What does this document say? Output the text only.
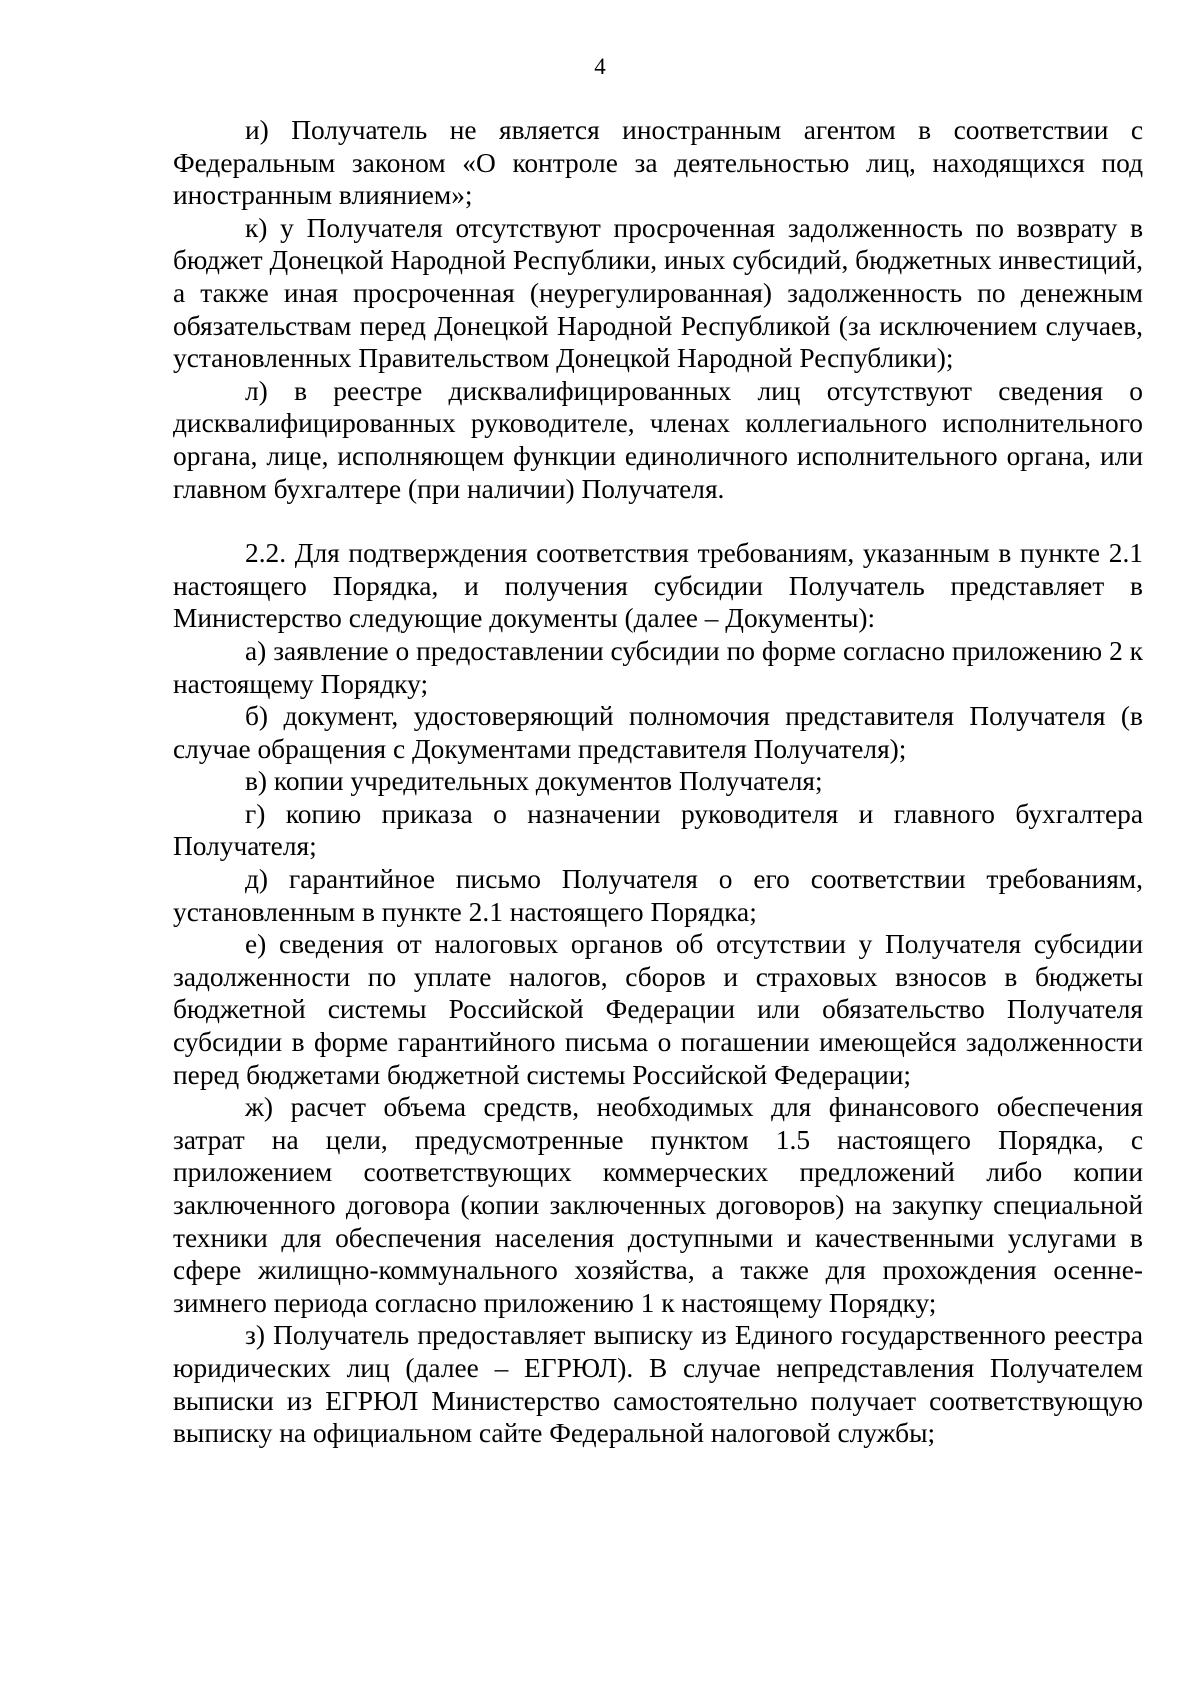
4

и) Получатель не является иностранным агентом в соответствии с Федеральным законом «О контроле за деятельностью лиц, находящихся под иностранным влиянием»;

к) у Получателя отсутствуют просроченная задолженность по возврату в бюджет Донецкой Народной Республики, иных субсидий, бюджетных инвестиций, а также иная просроченная (неурегулированная) задолженность по денежным обязательствам перед Донецкой Народной Республикой (за исключением случаев, установленных Правительством Донецкой Народной Республики);

л) в реестре дисквалифицированных лиц отсутствуют сведения о дисквалифицированных руководителе, членах коллегиального исполнительного органа, лице, исполняющем функции единоличного исполнительного органа, или главном бухгалтере (при наличии) Получателя.

2.2. Для подтверждения соответствия требованиям, указанным в пункте 2.1 настоящего Порядка, и получения субсидии Получатель представляет в Министерство следующие документы (далее – Документы):

а) заявление о предоставлении субсидии по форме согласно приложению 2 к настоящему Порядку;

б) документ, удостоверяющий полномочия представителя Получателя (в случае обращения с Документами представителя Получателя);

в) копии учредительных документов Получателя;

г) копию приказа о назначении руководителя и главного бухгалтера Получателя;

д) гарантийное письмо Получателя о его соответствии требованиям, установленным в пункте 2.1 настоящего Порядка;

е) сведения от налоговых органов об отсутствии у Получателя субсидии задолженности по уплате налогов, сборов и страховых взносов в бюджеты бюджетной системы Российской Федерации или обязательство Получателя субсидии в форме гарантийного письма о погашении имеющейся задолженности перед бюджетами бюджетной системы Российской Федерации;

ж) расчет объема средств, необходимых для финансового обеспечения затрат на цели, предусмотренные пунктом 1.5 настоящего Порядка, с приложением соответствующих коммерческих предложений либо копии заключенного договора (копии заключенных договоров) на закупку специальной техники для обеспечения населения доступными и качественными услугами в сфере жилищно-коммунального хозяйства, а также для прохождения осенне-зимнего периода согласно приложению 1 к настоящему Порядку;

з) Получатель предоставляет выписку из Единого государственного реестра юридических лиц (далее – ЕГРЮЛ). В случае непредставления Получателем выписки из ЕГРЮЛ Министерство самостоятельно получает соответствующую выписку на официальном сайте Федеральной налоговой службы;
